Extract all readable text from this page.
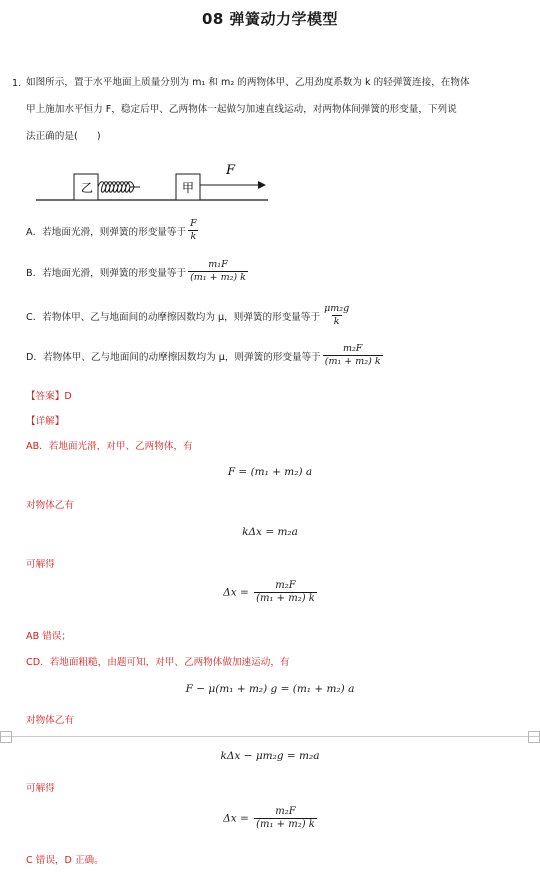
08 弹簧动力学模型
1. 如图所示，置于水平地面上质量分别为 m₁ 和 m₂ 的两物体甲、乙用劲度系数为 k 的轻弹簧连接，在物体
甲上施加水平恒力 F，稳定后甲、乙两物体一起做匀加速直线运动，对两物体间弹簧的形变量，下列说
法正确的是(　　)
乙	甲
F
A．若地面光滑，则弹簧的形变量等于 $\frac{F}{k}$
B．若地面光滑，则弹簧的形变量等于 $\frac{\text{m₁F}}{\text{(m₁ + m₂) k}}$
C．若物体甲、乙与地面间的动摩擦因数均为 μ，则弹簧的形变量等于 $\frac{\text{μm₂g}}{k}$
D．若物体甲、乙与地面间的动摩擦因数均为 μ，则弹簧的形变量等于 $\frac{\text{m₂F}}{\text{(m₁ + m₂) k}}$
【答案】D
【详解】
AB．若地面光滑，对甲、乙两物体，有
F = (m₁ + m₂) a
对物体乙有
kΔx = m₂a
可解得
$\Delta x = \frac{\text{m₂F}}{\text{(m₁ + m₂) k}}$
AB 错误；
CD．若地面粗糙，由题可知，对甲、乙两物体做加速运动，有
F − μ(m₁ + m₂) g = (m₁ + m₂) a
对物体乙有
kΔx − μm₂g = m₂a
可解得
$\Delta x = \frac{\text{m₂F}}{\text{(m₁ + m₂) k}}$
C 错误，D 正确。
